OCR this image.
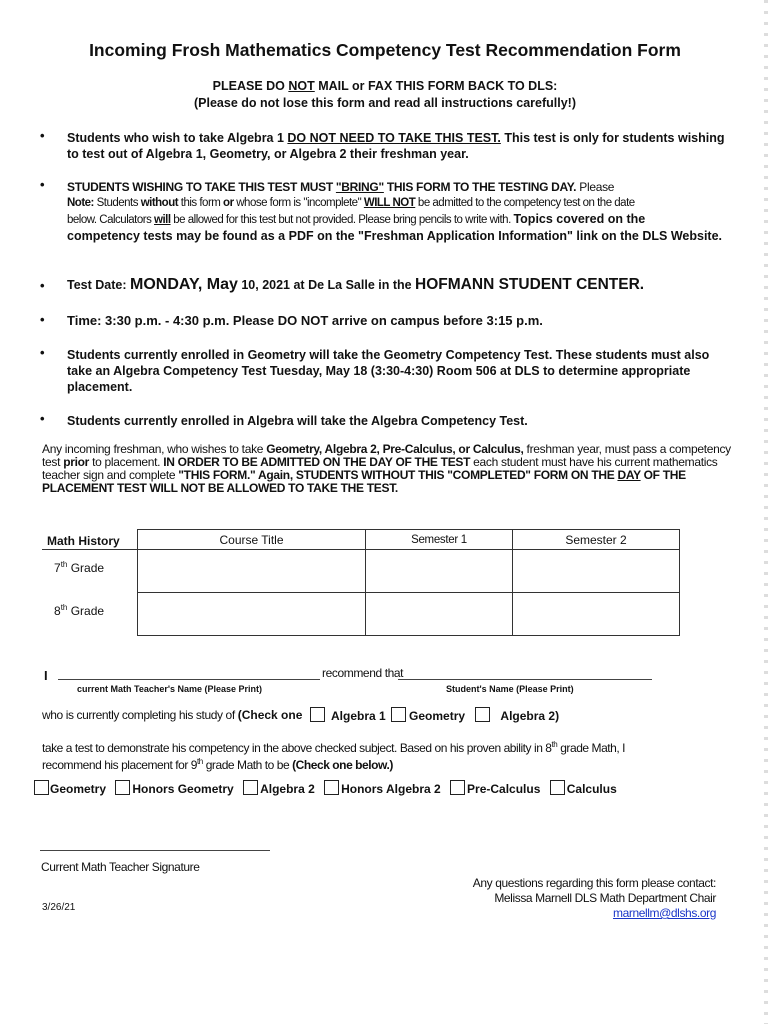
Incoming Frosh Mathematics Competency Test Recommendation Form
PLEASE DO NOT MAIL or FAX THIS FORM BACK TO DLS:
(Please do not lose this form and read all instructions carefully!)
• Students who wish to take Algebra 1 DO NOT NEED TO TAKE THIS TEST. This test is only for students wishing to test out of Algebra 1, Geometry, or Algebra 2 their freshman year.
• STUDENTS WISHING TO TAKE THIS TEST MUST "BRING" THIS FORM TO THE TESTING DAY. Please
Note: Students without this form or whose form is "incomplete" WILL NOT be admitted to the competency test on the date
below. Calculators will be allowed for this test but not provided. Please bring pencils to write with. Topics covered on the
competency tests may be found as a PDF on the "Freshman Application Information" link on the DLS Website.
• Test Date: MONDAY, May 10, 2021 at De La Salle in the HOFMANN STUDENT CENTER.
• Time: 3:30 p.m. - 4:30 p.m. Please DO NOT arrive on campus before 3:15 p.m.
• Students currently enrolled in Geometry will take the Geometry Competency Test. These students must also take an Algebra Competency Test Tuesday, May 18 (3:30-4:30) Room 506 at DLS to determine appropriate placement.
• Students currently enrolled in Algebra will take the Algebra Competency Test.
Any incoming freshman, who wishes to take Geometry, Algebra 2, Pre-Calculus, or Calculus, freshman year, must pass a competency test prior to placement. IN ORDER TO BE ADMITTED ON THE DAY OF THE TEST each student must have his current mathematics teacher sign and complete "THIS FORM." Again, STUDENTS WITHOUT THIS "COMPLETED" FORM ON THE DAY OF THE PLACEMENT TEST WILL NOT BE ALLOWED TO TAKE THE TEST.
Math History	Course Title	Semester 1	Semester 2
7th Grade			
8th Grade			
I	recommend that
current Math Teacher's Name (Please Print)	Student's Name (Please Print)
who is currently completing his study of (Check one	Algebra 1 Geometry	Algebra 2)
take a test to demonstrate his competency in the above checked subject. Based on his proven ability in 8th grade Math, I
recommend his placement for 9th grade Math to be (Check one below.)
Geometry Honors Geometry Algebra 2 Honors Algebra 2 Pre-Calculus Calculus
Current Math Teacher Signature
3/26/21
Any questions regarding this form please contact:
Melissa Marnell DLS Math Department Chair
marnellm@dlshs.org
